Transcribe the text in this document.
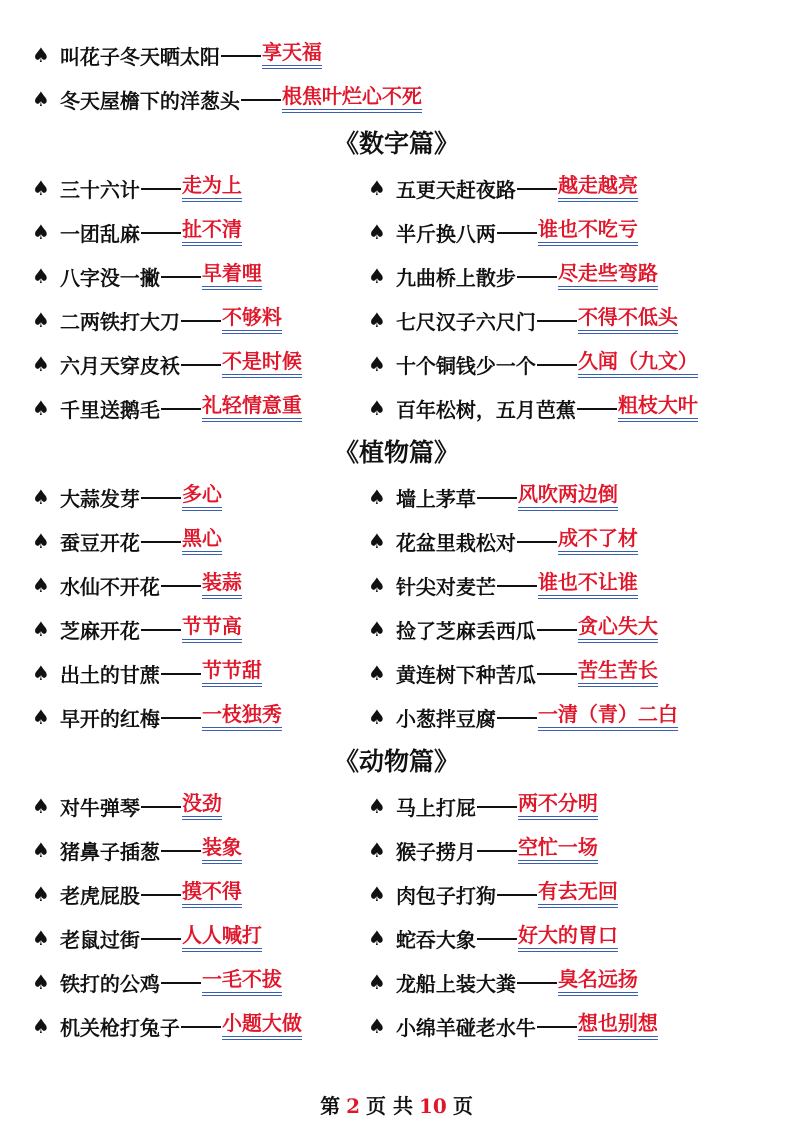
♠ 叫花子冬天晒太阳 享天福
♠ 冬天屋檐下的洋葱头 根焦叶烂心不死
《数字篇》
♠ 三十六计 走为上	♠ 五更天赶夜路 越走越亮
♠ 一团乱麻 扯不清	♠ 半斤换八两 谁也不吃亏
♠ 八字没一撇 早着哩	♠ 九曲桥上散步 尽走些弯路
♠ 二两铁打大刀 不够料	♠ 七尺汉子六尺门 不得不低头
♠ 六月天穿皮袄 不是时候	♠ 十个铜钱少一个 久闻（九文）
♠ 千里送鹅毛 礼轻情意重	♠ 百年松树，五月芭蕉 粗枝大叶
《植物篇》
♠ 大蒜发芽 多心	♠ 墙上茅草 风吹两边倒
♠ 蚕豆开花 黑心	♠ 花盆里栽松对 成不了材
♠ 水仙不开花 装蒜	♠ 针尖对麦芒 谁也不让谁
♠ 芝麻开花 节节高	♠ 捡了芝麻丢西瓜 贪心失大
♠ 出土的甘蔗 节节甜	♠ 黄连树下种苦瓜 苦生苦长
♠ 早开的红梅 一枝独秀	♠ 小葱拌豆腐 一清（青）二白
《动物篇》
♠ 对牛弹琴 没劲	♠ 马上打屁 两不分明
♠ 猪鼻子插葱 装象	♠ 猴子捞月 空忙一场
♠ 老虎屁股 摸不得	♠ 肉包子打狗 有去无回
♠ 老鼠过街 人人喊打	♠ 蛇吞大象 好大的胃口
♠ 铁打的公鸡 一毛不拔	♠ 龙船上装大粪 臭名远扬
♠ 机关枪打兔子 小题大做	♠ 小绵羊碰老水牛 想也别想
第 2 页 共 10 页
